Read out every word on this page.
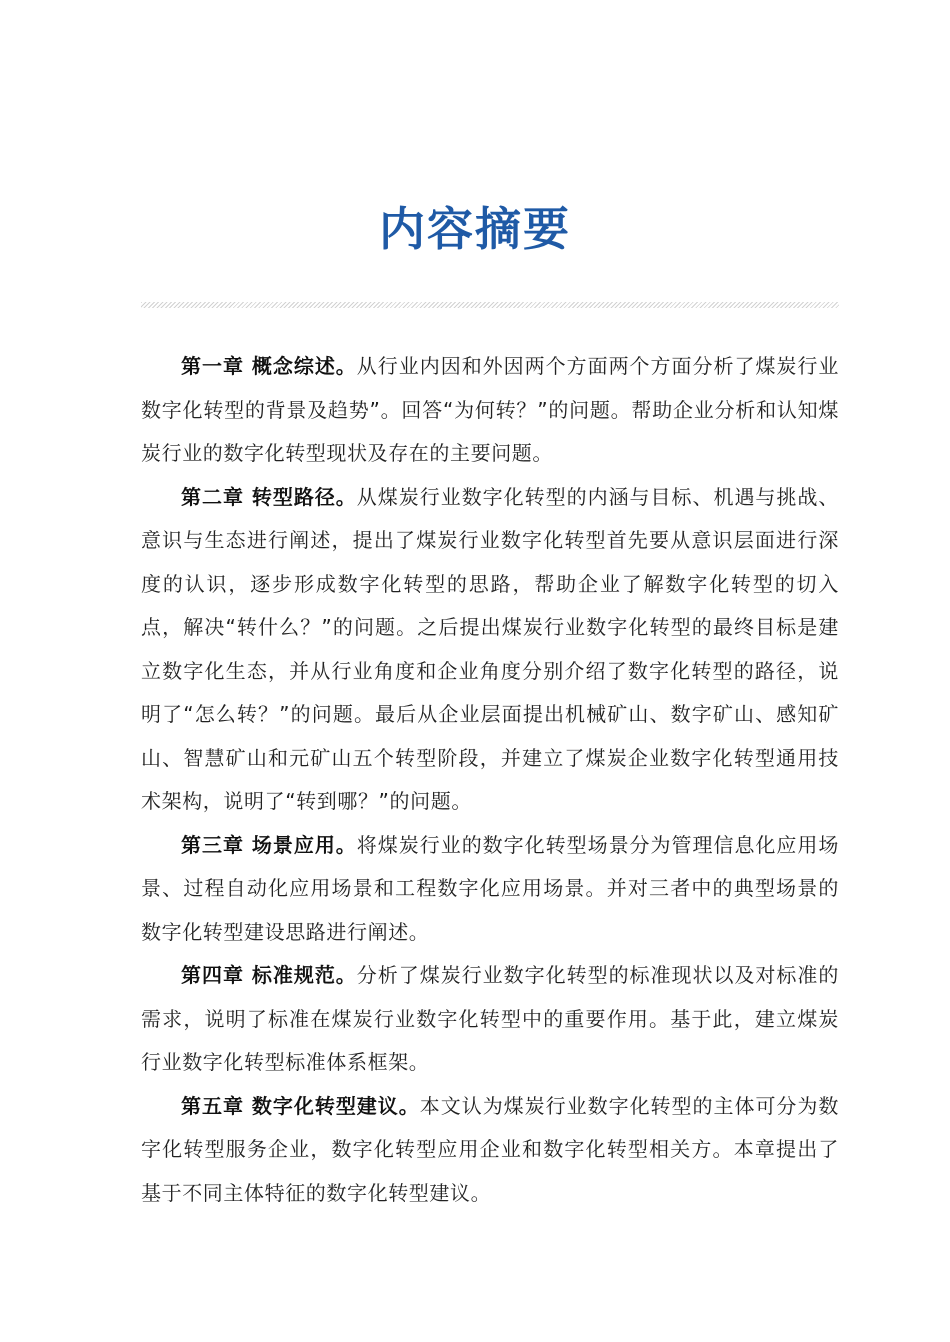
内容摘要

第一章 概念综述。从行业内因和外因两个方面两个方面分析了煤炭行业数字化转型的背景及趋势”。回答“为何转？”的问题。帮助企业分析和认知煤炭行业的数字化转型现状及存在的主要问题。

第二章 转型路径。从煤炭行业数字化转型的内涵与目标、机遇与挑战、意识与生态进行阐述，提出了煤炭行业数字化转型首先要从意识层面进行深度的认识，逐步形成数字化转型的思路，帮助企业了解数字化转型的切入点，解决“转什么？”的问题。之后提出煤炭行业数字化转型的最终目标是建立数字化生态，并从行业角度和企业角度分别介绍了数字化转型的路径，说明了“怎么转？”的问题。最后从企业层面提出机械矿山、数字矿山、感知矿山、智慧矿山和元矿山五个转型阶段，并建立了煤炭企业数字化转型通用技术架构，说明了“转到哪？”的问题。

第三章 场景应用。将煤炭行业的数字化转型场景分为管理信息化应用场景、过程自动化应用场景和工程数字化应用场景。并对三者中的典型场景的数字化转型建设思路进行阐述。

第四章 标准规范。分析了煤炭行业数字化转型的标准现状以及对标准的需求，说明了标准在煤炭行业数字化转型中的重要作用。基于此，建立煤炭行业数字化转型标准体系框架。

第五章 数字化转型建议。本文认为煤炭行业数字化转型的主体可分为数字化转型服务企业，数字化转型应用企业和数字化转型相关方。本章提出了基于不同主体特征的数字化转型建议。
